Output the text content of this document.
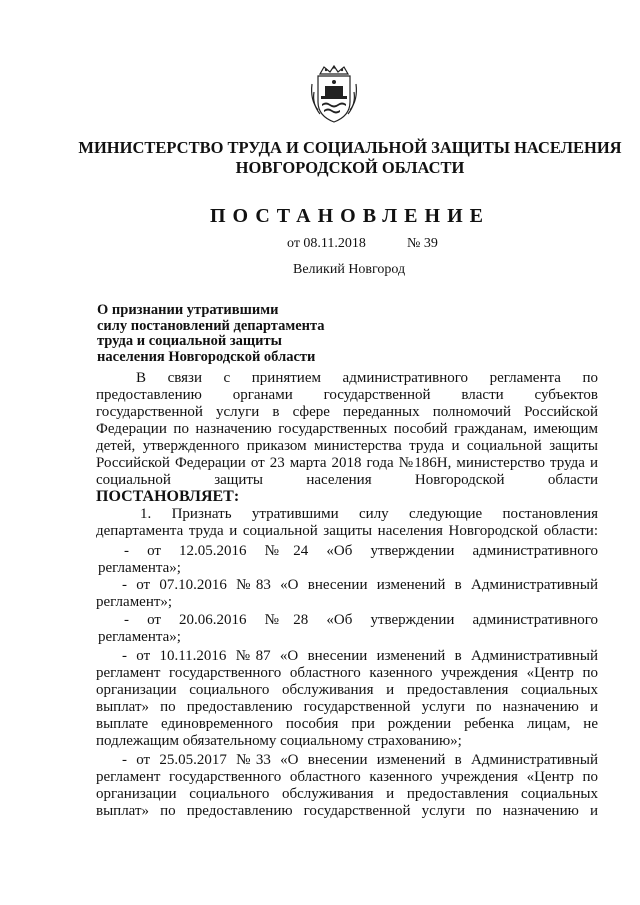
МИНИСТЕРСТВО ТРУДА И СОЦИАЛЬНОЙ ЗАЩИТЫ НАСЕЛЕНИЯ
НОВГОРОДСКОЙ ОБЛАСТИ
ПОСТАНОВЛЕНИЕ
от 08.11.2018	№ 39
Великий Новгород
О признании утратившими
силу постановлений департамента
труда и социальной защиты
населения Новгородской области
В связи с принятием административного регламента по
предоставлению органами государственной власти субъектов
государственной услуги в сфере переданных полномочий Российской
Федерации по назначению государственных пособий гражданам, имеющим
детей, утвержденного приказом министерства труда и социальной защиты
Российской Федерации от 23 марта 2018 года №186Н, министерство труда и
социальной защиты населения Новгородской области
ПОСТАНОВЛЯЕТ:
1. Признать утратившими силу следующие постановления
департамента труда и социальной защиты населения Новгородской области:
- от 12.05.2016 №24 «Об утверждении административного
регламента»;
- от 07.10.2016 №83 «О внесении изменений в Административный
регламент»;
- от 20.06.2016 №28 «Об утверждении административного
регламента»;
- от 10.11.2016 №87 «О внесении изменений в Административный
регламент государственного областного казенного учреждения «Центр по
организации социального обслуживания и предоставления социальных
выплат» по предоставлению государственной услуги по назначению и
выплате единовременного пособия при рождении ребенка лицам, не
подлежащим обязательному социальному страхованию»;
- от 25.05.2017 №33 «О внесении изменений в Административный
регламент государственного областного казенного учреждения «Центр по
организации социального обслуживания и предоставления социальных
выплат» по предоставлению государственной услуги по назначению и
